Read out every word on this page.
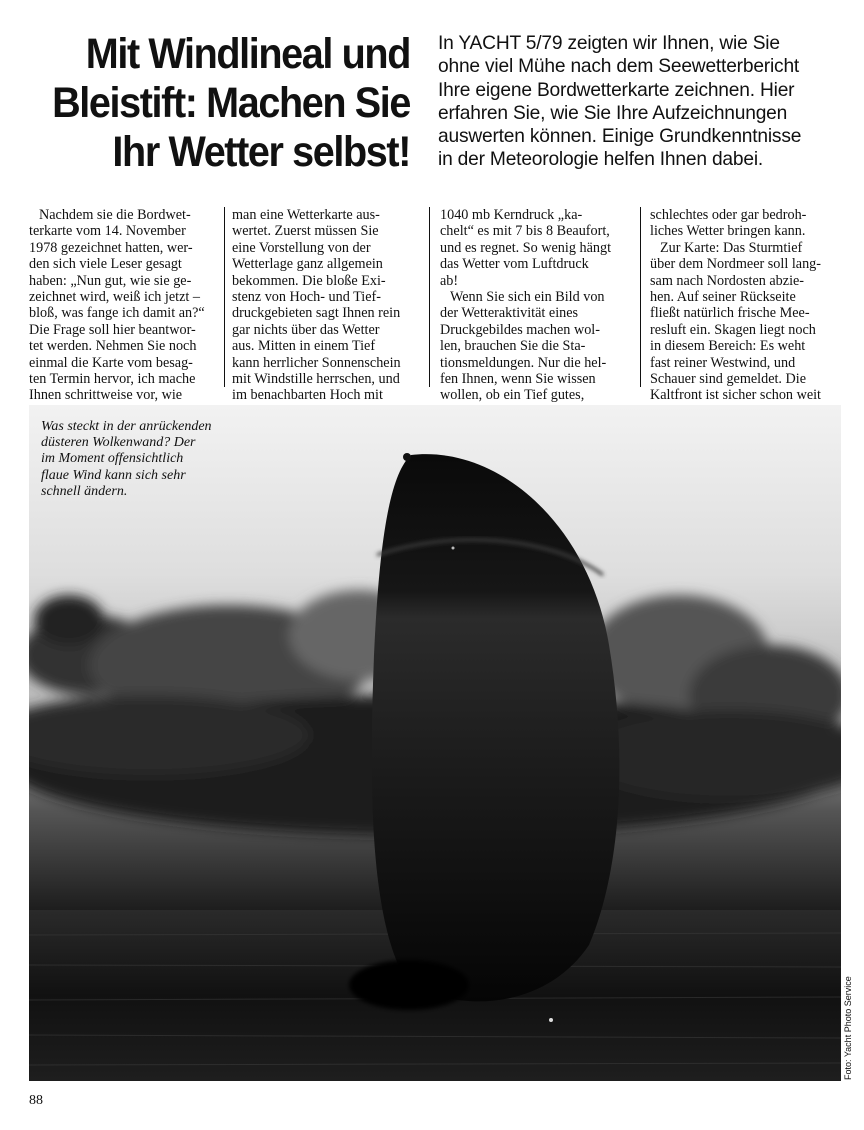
Mit Windlineal und
Bleistift: Machen Sie
Ihr Wetter selbst!
In YACHT 5/79 zeigten wir Ihnen, wie Sie
ohne viel Mühe nach dem Seewetterbericht
Ihre eigene Bordwetterkarte zeichnen. Hier
erfahren Sie, wie Sie Ihre Aufzeichnungen
auswerten können. Einige Grundkenntnisse
in der Meteorologie helfen Ihnen dabei.
Nachdem sie die Bordwet-
terkarte vom 14. November
1978 gezeichnet hatten, wer-
den sich viele Leser gesagt
haben: „Nun gut, wie sie ge-
zeichnet wird, weiß ich jetzt –
bloß, was fange ich damit an?“
Die Frage soll hier beantwor-
tet werden. Nehmen Sie noch
einmal die Karte vom besag-
ten Termin hervor, ich mache
Ihnen schrittweise vor, wie
man eine Wetterkarte aus-
wertet. Zuerst müssen Sie
eine Vorstellung von der
Wetterlage ganz allgemein
bekommen. Die bloße Exi-
stenz von Hoch- und Tief-
druckgebieten sagt Ihnen rein
gar nichts über das Wetter
aus. Mitten in einem Tief
kann herrlicher Sonnenschein
mit Windstille herrschen, und
im benachbarten Hoch mit
1040 mb Kerndruck „ka-
chelt“ es mit 7 bis 8 Beaufort,
und es regnet. So wenig hängt
das Wetter vom Luftdruck
ab!
Wenn Sie sich ein Bild von
der Wetteraktivität eines
Druckgebildes machen wol-
len, brauchen Sie die Sta-
tionsmeldungen. Nur die hel-
fen Ihnen, wenn Sie wissen
wollen, ob ein Tief gutes,
schlechtes oder gar bedroh-
liches Wetter bringen kann.
Zur Karte: Das Sturmtief
über dem Nordmeer soll lang-
sam nach Nordosten abzie-
hen. Auf seiner Rückseite
fließt natürlich frische Mee-
resluft ein. Skagen liegt noch
in diesem Bereich: Es weht
fast reiner Westwind, und
Schauer sind gemeldet. Die
Kaltfront ist sicher schon weit
Was steckt in der anrückenden
düsteren Wolkenwand? Der
im Moment offensichtlich
flaue Wind kann sich sehr
schnell ändern.
Foto: Yacht Photo Service
88
